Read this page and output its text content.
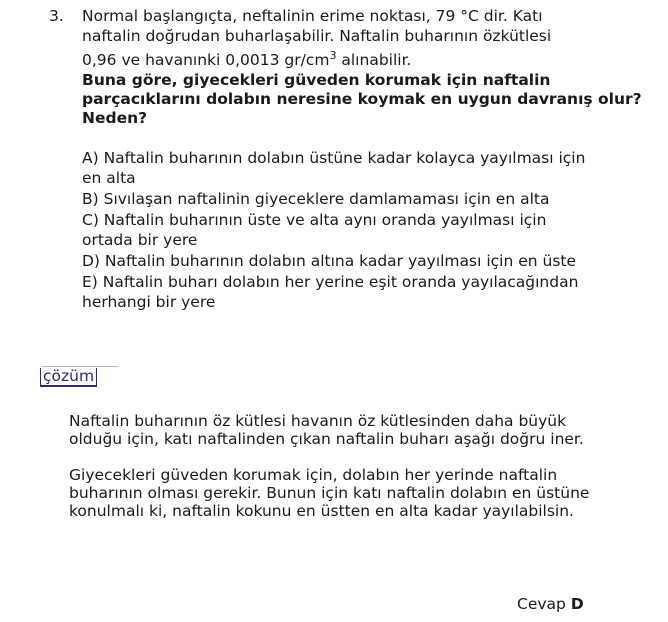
3. Normal başlangıçta, neftalinin erime noktası, 79 °C dir. Katı

naftalin doğrudan buharlaşabilir. Naftalin buharının özkütlesi

0,96 ve havanınki 0,0013 $gr/cm^3$ alınabilir.

Buna göre, giyecekleri güveden korumak için naftalin parçacıklarını dolabın neresine koymak en uygun davranış olur? Neden?

A) Naftalin buharının dolabın üstüne kadar kolayca yayılması için en alta
B) Sıvılaşan naftalinin giyeceklere damlamaması için en alta
C) Naftalin buharının üste ve alta aynı oranda yayılması için ortada bir yere
D) Naftalin buharının dolabın altına kadar yayılması için en üste
E) Naftalin buharı dolabın her yerine eşit oranda yayılacağından herhangi bir yere
çözüm

Naftalin buharının öz kütlesi havanın öz kütlesinden daha büyük olduğu için, katı naftalinden çıkan naftalin buharı aşağı doğru iner.

Giyecekleri güveden korumak için, dolabın her yerinde naftalin buharının olması gerekir. Bunun için katı naftalin dolabın en üstüne konulmalı ki, naftalin kokunu en üstten en alta kadar yayılabilsin.

Cevap D
